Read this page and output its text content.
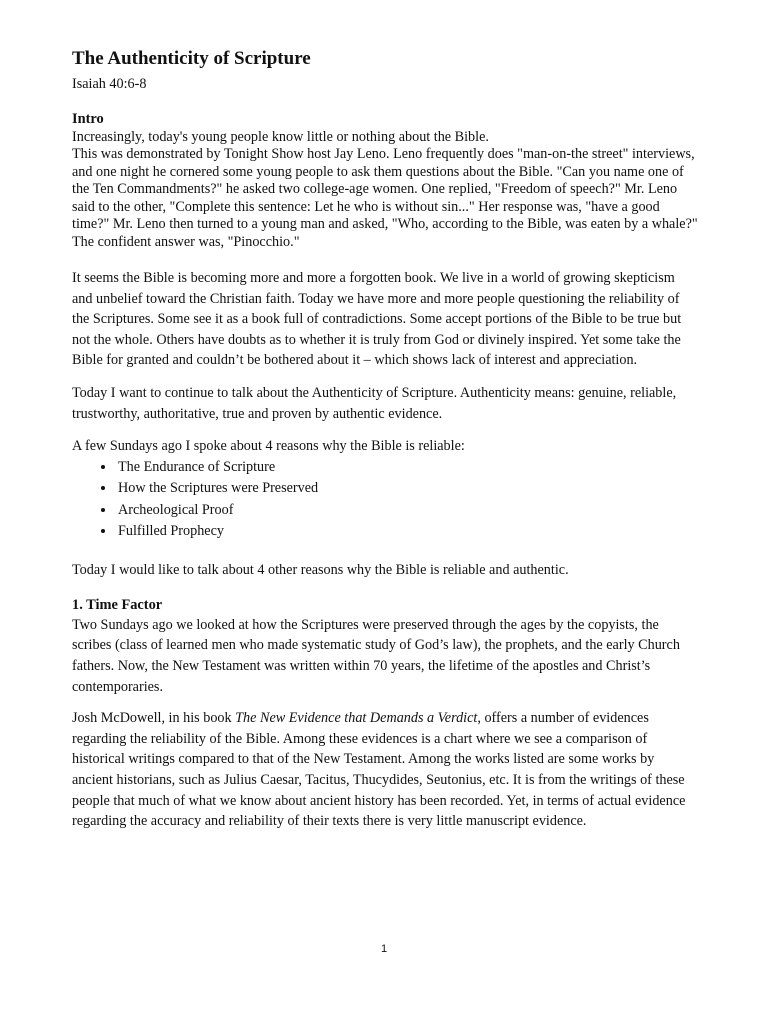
The Authenticity of Scripture

Isaiah 40:6-8

Intro

Increasingly, today's young people know little or nothing about the Bible.

This was demonstrated by Tonight Show host Jay Leno. Leno frequently does "man-on-the street" interviews, and one night he cornered some young people to ask them questions about the Bible. "Can you name one of the Ten Commandments?" he asked two college-age women. One replied, "Freedom of speech?" Mr. Leno said to the other, "Complete this sentence: Let he who is without sin..." Her response was, "have a good time?" Mr. Leno then turned to a young man and asked, "Who, according to the Bible, was eaten by a whale?" The confident answer was, "Pinocchio."

It seems the Bible is becoming more and more a forgotten book. We live in a world of growing skepticism and unbelief toward the Christian faith. Today we have more and more people questioning the reliability of the Scriptures. Some see it as a book full of contradictions. Some accept portions of the Bible to be true but not the whole. Others have doubts as to whether it is truly from God or divinely inspired. Yet some take the Bible for granted and couldn’t be bothered about it – which shows lack of interest and appreciation.

Today I want to continue to talk about the Authenticity of Scripture. Authenticity means: genuine, reliable, trustworthy, authoritative, true and proven by authentic evidence.

A few Sundays ago I spoke about 4 reasons why the Bible is reliable:

• The Endurance of Scripture
• How the Scriptures were Preserved
• Archeological Proof
• Fulfilled Prophecy

Today I would like to talk about 4 other reasons why the Bible is reliable and authentic.

1. Time Factor

Two Sundays ago we looked at how the Scriptures were preserved through the ages by the copyists, the scribes (class of learned men who made systematic study of God’s law), the prophets, and the early Church fathers. Now, the New Testament was written within 70 years, the lifetime of the apostles and Christ’s contemporaries.

Josh McDowell, in his book The New Evidence that Demands a Verdict, offers a number of evidences regarding the reliability of the Bible. Among these evidences is a chart where we see a comparison of historical writings compared to that of the New Testament. Among the works listed are some works by ancient historians, such as Julius Caesar, Tacitus, Thucydides, Seutonius, etc. It is from the writings of these people that much of what we know about ancient history has been recorded. Yet, in terms of actual evidence regarding the accuracy and reliability of their texts there is very little manuscript evidence.

1
